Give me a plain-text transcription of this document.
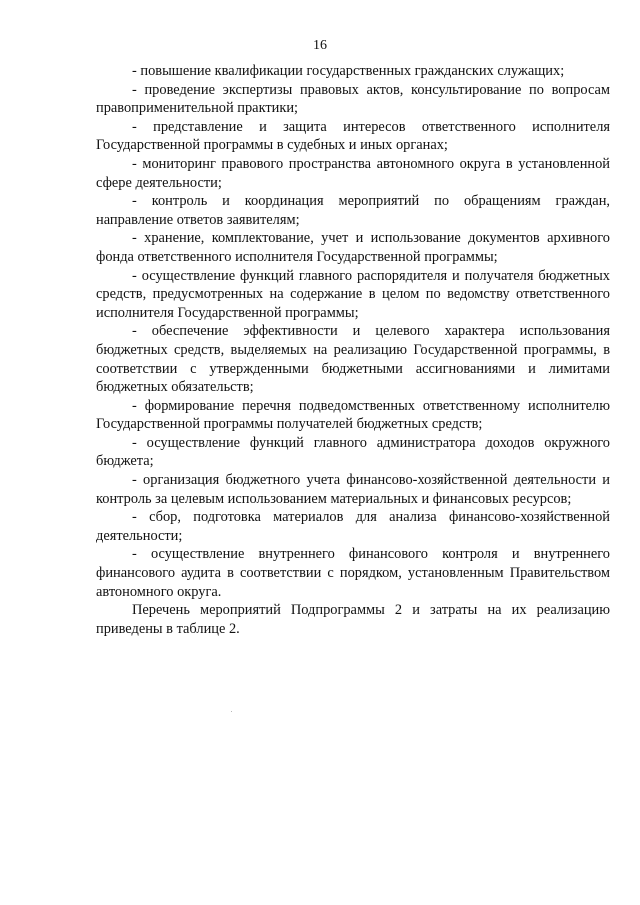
16

- повышение квалификации государственных гражданских служащих;

- проведение экспертизы правовых актов, консультирование по вопросам правоприменительной практики;

- представление и защита интересов ответственного исполнителя Государственной программы в судебных и иных органах;

- мониторинг правового пространства автономного округа в установленной сфере деятельности;

- контроль и координация мероприятий по обращениям граждан, направление ответов заявителям;

- хранение, комплектование, учет и использование документов архивного фонда ответственного исполнителя Государственной программы;

- осуществление функций главного распорядителя и получателя бюджетных средств, предусмотренных на содержание в целом по ведомству ответственного исполнителя Государственной программы;

- обеспечение эффективности и целевого характера использования бюджетных средств, выделяемых на реализацию Государственной программы, в соответствии с утвержденными бюджетными ассигнованиями и лимитами бюджетных обязательств;

- формирование перечня подведомственных ответственному исполнителю Государственной программы получателей бюджетных средств;

- осуществление функций главного администратора доходов окружного бюджета;

- организация бюджетного учета финансово-хозяйственной деятельности и контроль за целевым использованием материальных и финансовых ресурсов;

- сбор, подготовка материалов для анализа финансово-хозяйственной деятельности;

- осуществление внутреннего финансового контроля и внутреннего финансового аудита в соответствии с порядком, установленным Правительством автономного округа.

Перечень мероприятий Подпрограммы 2 и затраты на их реализацию приведены в таблице 2.
